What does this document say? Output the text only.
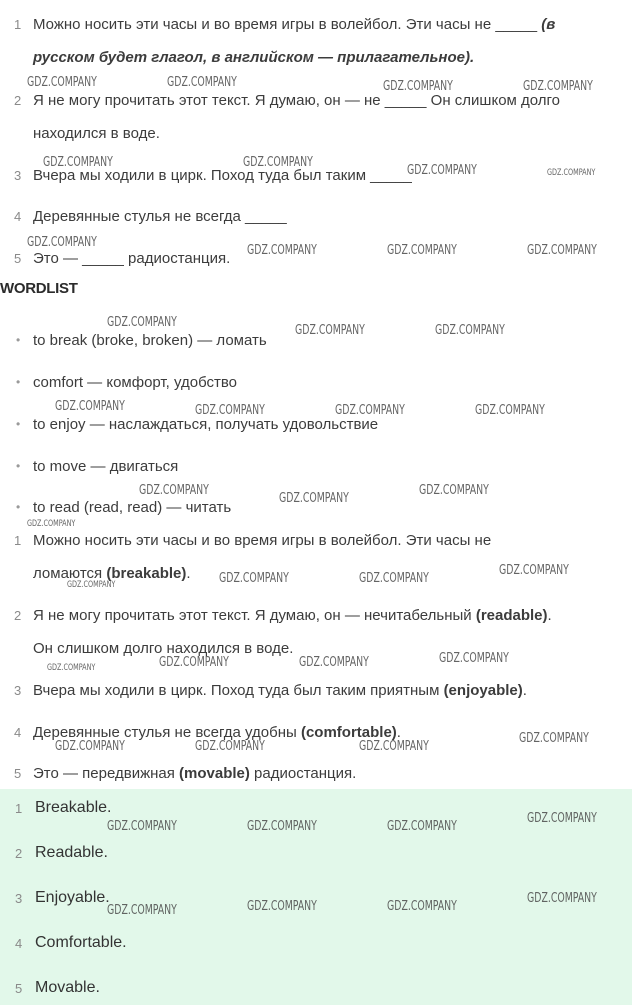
1 Можно носить эти часы и во время игры в волейбол. Эти часы не _____ (в
русском будет глагол, в английском — прилагательное).
2 Я не могу прочитать этот текст. Я думаю, он — не _____ Он слишком долго
находился в воде.
3 Вчера мы ходили в цирк. Поход туда был таким _____
4 Деревянные стулья не всегда _____
5 Это — _____ радиостанция.
WORDLIST
• to break (broke, broken) — ломать
• comfort — комфорт, удобство
• to enjoy — наслаждаться, получать удовольствие
• to move — двигаться
• to read (read, read) — читать
1 Можно носить эти часы и во время игры в волейбол. Эти часы не
ломаются (breakable).
2 Я не могу прочитать этот текст. Я думаю, он — нечитабельный (readable).
Он слишком долго находился в воде.
3 Вчера мы ходили в цирк. Поход туда был таким приятным (enjoyable).
4 Деревянные стулья не всегда удобны (comfortable).
5 Это — передвижная (movable) радиостанция.
1 Breakable.
2 Readable.
3 Enjoyable.
4 Comfortable.
5 Movable.
GDZ.COMPANY	GDZ.COMPANY	GDZ.COMPANY	GDZ.COMPANY
GDZ.COMPANY	GDZ.COMPANY
GDZ.COMPANY	GDZ.COMPANY
GDZ.COMPANY
GDZ.COMPANY	GDZ.COMPANY	GDZ.COMPANY
GDZ.COMPANY
GDZ.COMPANY	GDZ.COMPANY
GDZ.COMPANY	GDZ.COMPANY	GDZ.COMPANY	GDZ.COMPANY
GDZ.COMPANY
GDZ.COMPANY
GDZ.COMPANY
GDZ.COMPANY
GDZ.COMPANY	GDZ.COMPANY	GDZ.COMPANY
GDZ.COMPANY
GDZ.COMPANY	GDZ.COMPANY	GDZ.COMPANY	GDZ.COMPANY
GDZ.COMPANY	GDZ.COMPANY	GDZ.COMPANY
GDZ.COMPANY
GDZ.COMPANY	GDZ.COMPANY	GDZ.COMPANY
GDZ.COMPANY
GDZ.COMPANY	GDZ.COMPANY	GDZ.COMPANY
GDZ.COMPANY
